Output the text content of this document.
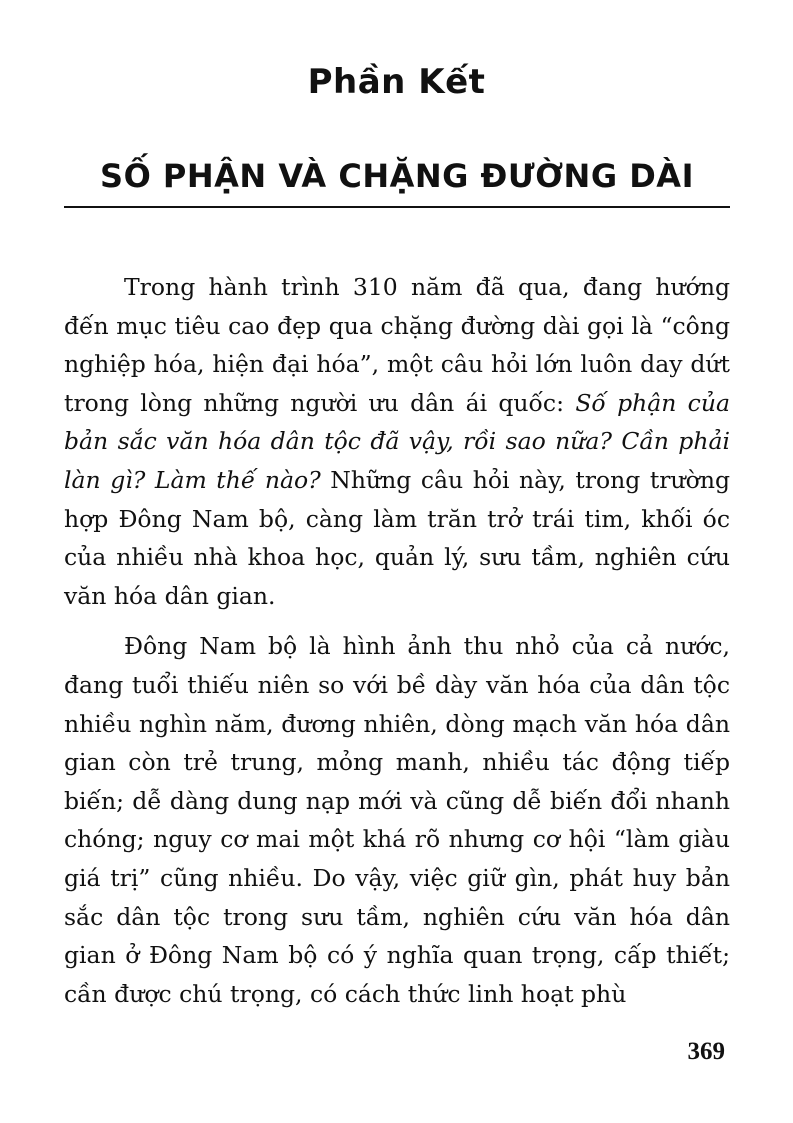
Phần Kết
SỐ PHẬN VÀ CHẶNG ĐƯỜNG DÀI

Trong hành trình 310 năm đã qua, đang hướng đến mục tiêu cao đẹp qua chặng đường dài gọi là “công nghiệp hóa, hiện đại hóa”, một câu hỏi lớn luôn day dứt trong lòng những người ưu dân ái quốc: Số phận của bản sắc văn hóa dân tộc đã vậy, rồi sao nữa? Cần phải làn gì? Làm thế nào? Những câu hỏi này, trong trường hợp Đông Nam bộ, càng làm trăn trở trái tim, khối óc của nhiều nhà khoa học, quản lý, sưu tầm, nghiên cứu văn hóa dân gian.

Đông Nam bộ là hình ảnh thu nhỏ của cả nước, đang tuổi thiếu niên so với bề dày văn hóa của dân tộc nhiều nghìn năm, đương nhiên, dòng mạch văn hóa dân gian còn trẻ trung, mỏng manh, nhiều tác động tiếp biến; dễ dàng dung nạp mới và cũng dễ biến đổi nhanh chóng; nguy cơ mai một khá rõ nhưng cơ hội “làm giàu giá trị” cũng nhiều. Do vậy, việc giữ gìn, phát huy bản sắc dân tộc trong sưu tầm, nghiên cứu văn hóa dân gian ở Đông Nam bộ có ý nghĩa quan trọng, cấp thiết; cần được chú trọng, có cách thức linh hoạt phù

369
